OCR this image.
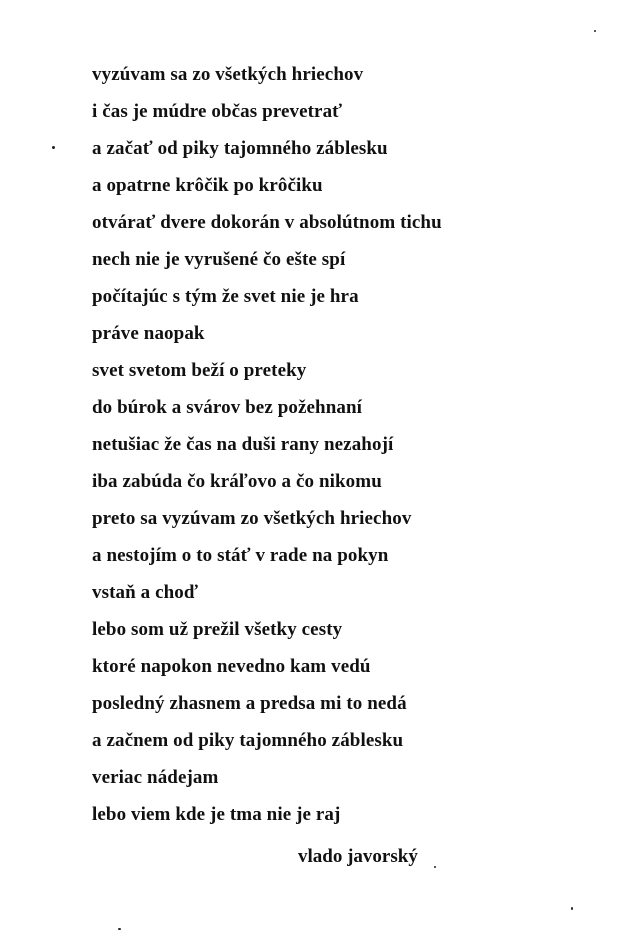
vyzúvam sa zo všetkých hriechov
i čas je múdre občas prevetrať
a začať od piky tajomného záblesku
a opatrne krôčik po krôčiku
otvárať dvere dokorán v absolútnom tichu
nech nie je vyrušené čo ešte spí
počítajúc s tým že svet nie je hra
práve naopak
svet svetom beží o preteky
do búrok a svárov bez požehnaní
netušiac že čas na duši rany nezahojí
iba zabúda čo kráľovo a čo nikomu
preto sa vyzúvam zo všetkých hriechov
a nestojím o to stáť v rade na pokyn
vstaň a choď
lebo som už prežil všetky cesty
ktoré napokon nevedno kam vedú
posledný zhasnem a predsa mi to nedá
a začnem od piky tajomného záblesku
veriac nádejam
lebo viem kde je tma nie je raj
vlado javorský
